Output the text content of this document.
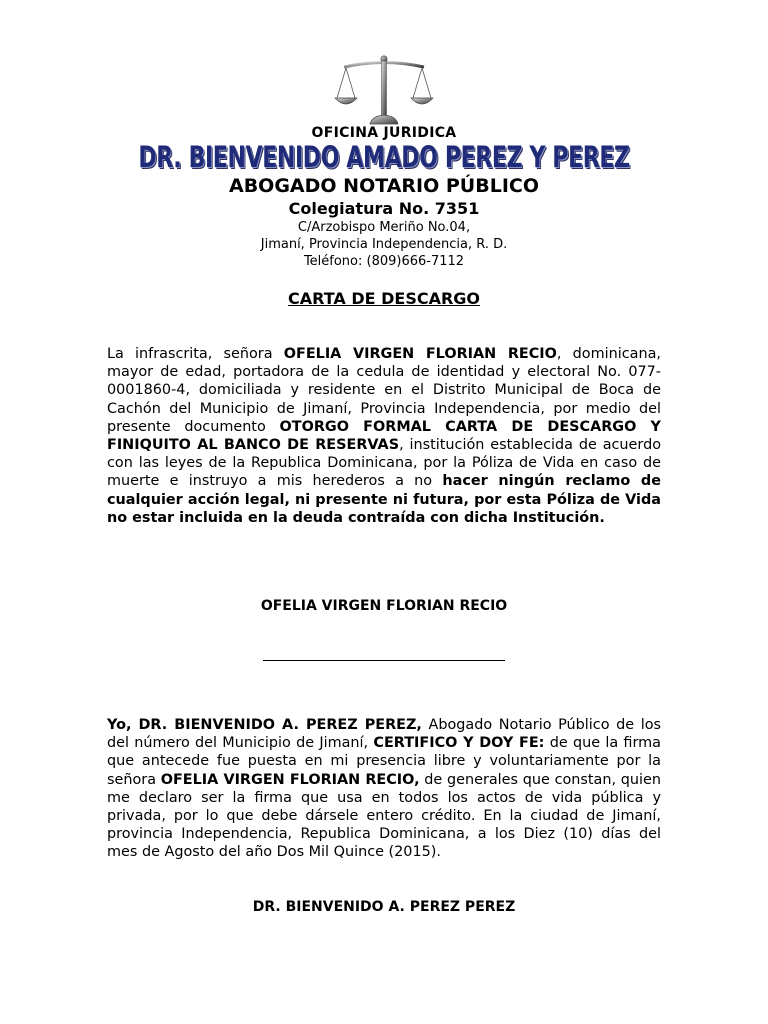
OFICINA JURIDICA
DR. BIENVENIDO AMADO PEREZ Y PEREZ
ABOGADO NOTARIO PÚBLICO
Colegiatura No. 7351
C/Arzobispo Meriño No.04,
Jimaní, Provincia Independencia, R. D.
Teléfono: (809)666-7112
CARTA DE DESCARGO
La infrascrita, señora OFELIA VIRGEN FLORIAN RECIO, dominicana, mayor de edad, portadora de la cedula de identidad y electoral No. 077-0001860-4, domiciliada y residente en el Distrito Municipal de Boca de Cachón del Municipio de Jimaní, Provincia Independencia, por medio del presente documento OTORGO FORMAL CARTA DE DESCARGO Y FINIQUITO AL BANCO DE RESERVAS, institución establecida de acuerdo con las leyes de la Republica Dominicana, por la Póliza de Vida en caso de muerte e instruyo a mis herederos a no hacer ningún reclamo de cualquier acción legal, ni presente ni futura, por esta Póliza de Vida no estar incluida en la deuda contraída con dicha Institución.
OFELIA VIRGEN FLORIAN RECIO
Yo, DR. BIENVENIDO A. PEREZ PEREZ, Abogado Notario Público de los del número del Municipio de Jimaní, CERTIFICO Y DOY FE: de que la firma que antecede fue puesta en mi presencia libre y voluntariamente por la señora OFELIA VIRGEN FLORIAN RECIO, de generales que constan, quien me declaro ser la firma que usa en todos los actos de vida pública y privada, por lo que debe dársele entero crédito. En la ciudad de Jimaní, provincia Independencia, Republica Dominicana, a los Diez (10) días del mes de Agosto del año Dos Mil Quince (2015).
DR. BIENVENIDO A. PEREZ PEREZ
